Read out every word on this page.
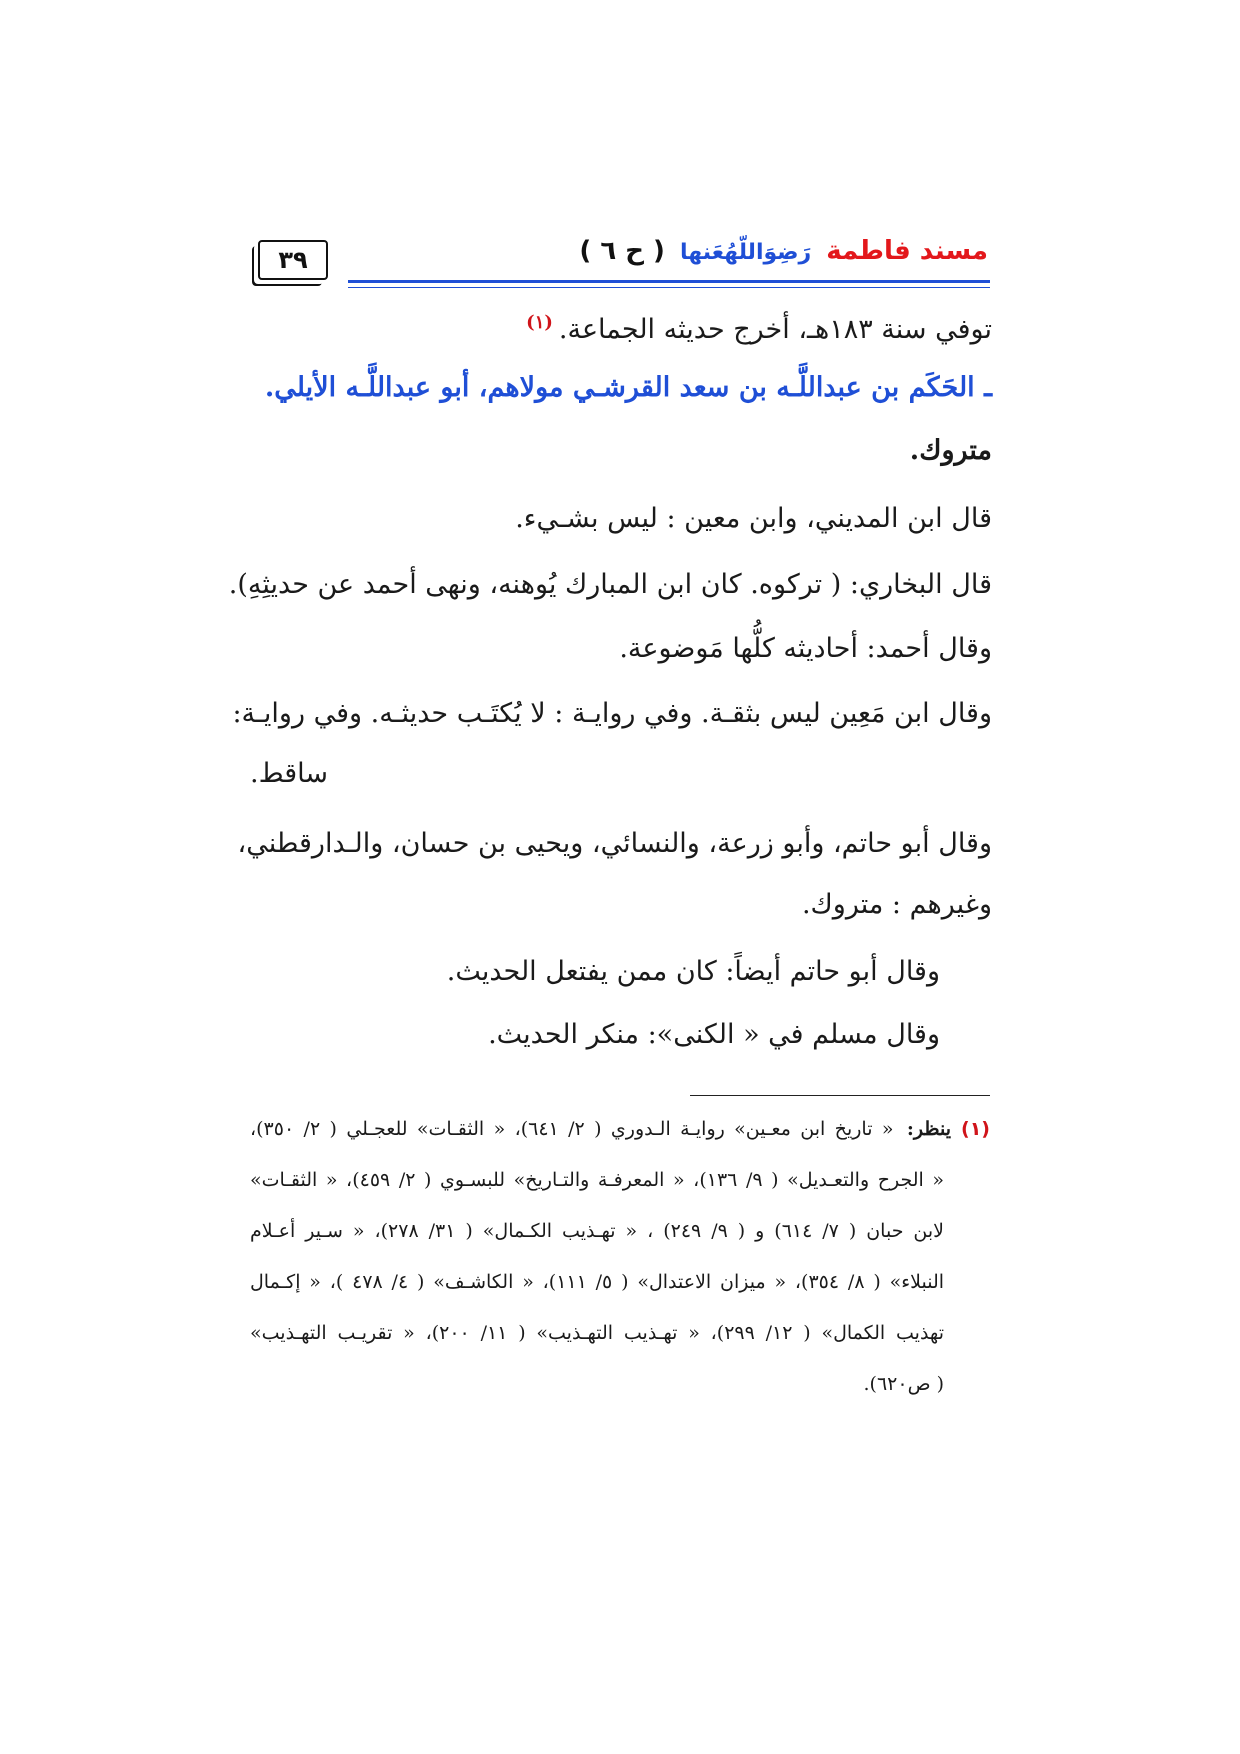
٣٩	مسند فاطمة رَضِوَاللّهُعَنها ( ح ٦ )
توفي سنة ١٨٣هـ، أخرج حديثه الجماعة.$^{(١)}$
ـ الحَكَم بن عبداللَّـه بن سعد القرشـي مولاهم، أبو عبداللَّـه الأيلي.
متروك.
قال ابن المديني، وابن معين : ليس بشـيء.
قال البخاري: ( تركوه. كان ابن المبارك يُوهنه، ونهى أحمد عن حديثِهِ).
وقال أحمد: أحاديثه كلُّها مَوضوعة.
وقال ابن مَعِين ليس بثقـة. وفي روايـة : لا يُكتَـب حديثـه. وفي روايـة:
ساقط.
وقال أبو حاتم، وأبو زرعة، والنسائي، ويحيى بن حسان، والـدارقطني،
وغيرهم : متروك.
وقال أبو حاتم أيضاً: كان ممن يفتعل الحديث.
وقال مسلم في « الكنى»: منكر الحديث.
(١)ينظر: « تاريخ ابن معـين» روايـة الـدوري ( ٢/ ٦٤١)، « الثقـات» للعجـلي ( ٢/ ٣٥٠)،
« الجرح والتعـديل» ( ٩/ ١٣٦)، « المعرفـة والتـاريخ» للبسـوي ( ٢/ ٤٥٩)، « الثقـات»
لابن حبان ( ٧/ ٦١٤) و ( ٩/ ٢٤٩) ، « تهـذيب الكـمال» ( ٣١/ ٢٧٨)، « سـير أعـلام
النبلاء» ( ٨/ ٣٥٤)، « ميزان الاعتدال» ( ٥/ ١١١)، « الكاشـف» ( ٤/ ٤٧٨ )، « إكـمال
تهذيب الكمال» ( ١٢/ ٢٩٩)، « تهـذيب التهـذيب» ( ١١/ ٢٠٠)، « تقريـب التهـذيب»
( ص٦٢٠).
